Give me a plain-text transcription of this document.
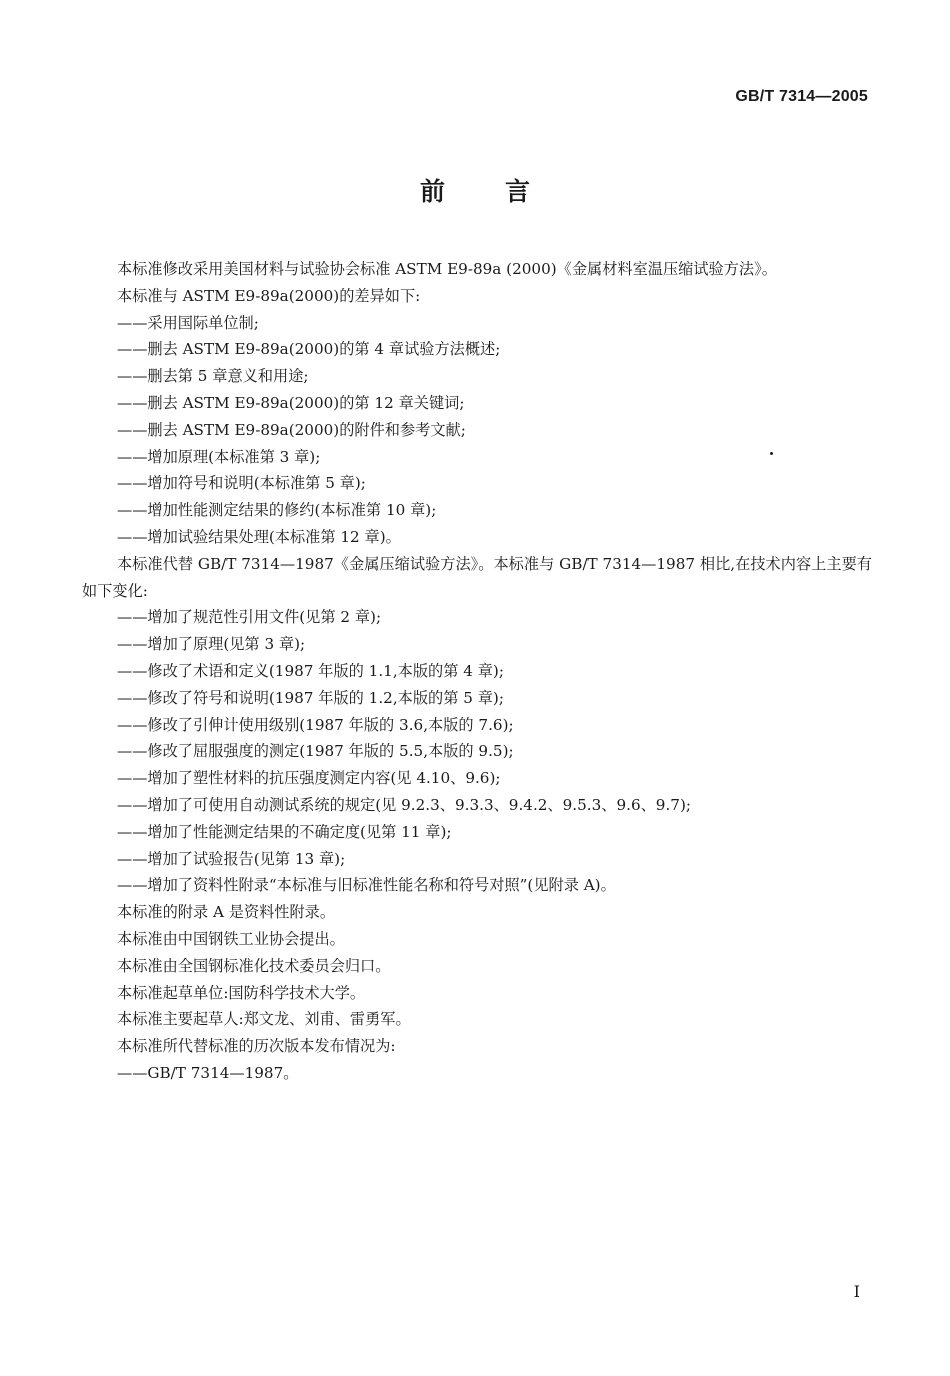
GB/T 7314—2005
前言

本标准修改采用美国材料与试验协会标准 ASTM E9-89a (2000)《金属材料室温压缩试验方法》。

本标准与 ASTM E9-89a(2000)的差异如下:

——采用国际单位制;

——删去 ASTM E9-89a(2000)的第 4 章试验方法概述;

——删去第 5 章意义和用途;

——删去 ASTM E9-89a(2000)的第 12 章关键词;

——删去 ASTM E9-89a(2000)的附件和参考文献;

——增加原理(本标准第 3 章);

——增加符号和说明(本标准第 5 章);

——增加性能测定结果的修约(本标准第 10 章);

——增加试验结果处理(本标准第 12 章)。

本标准代替 GB/T 7314—1987《金属压缩试验方法》。本标准与 GB/T 7314—1987 相比,在技术内容上主要有如下变化:

——增加了规范性引用文件(见第 2 章);

——增加了原理(见第 3 章);

——修改了术语和定义(1987 年版的 1.1,本版的第 4 章);

——修改了符号和说明(1987 年版的 1.2,本版的第 5 章);

——修改了引伸计使用级别(1987 年版的 3.6,本版的 7.6);

——修改了屈服强度的测定(1987 年版的 5.5,本版的 9.5);

——增加了塑性材料的抗压强度测定内容(见 4.10、9.6);

——增加了可使用自动测试系统的规定(见 9.2.3、9.3.3、9.4.2、9.5.3、9.6、9.7);

——增加了性能测定结果的不确定度(见第 11 章);

——增加了试验报告(见第 13 章);

——增加了资料性附录“本标准与旧标准性能名称和符号对照”(见附录 A)。

本标准的附录 A 是资料性附录。

本标准由中国钢铁工业协会提出。

本标准由全国钢标准化技术委员会归口。

本标准起草单位:国防科学技术大学。

本标准主要起草人:郑文龙、刘甫、雷勇军。

本标准所代替标准的历次版本发布情况为:

——GB/T 7314—1987。

I
